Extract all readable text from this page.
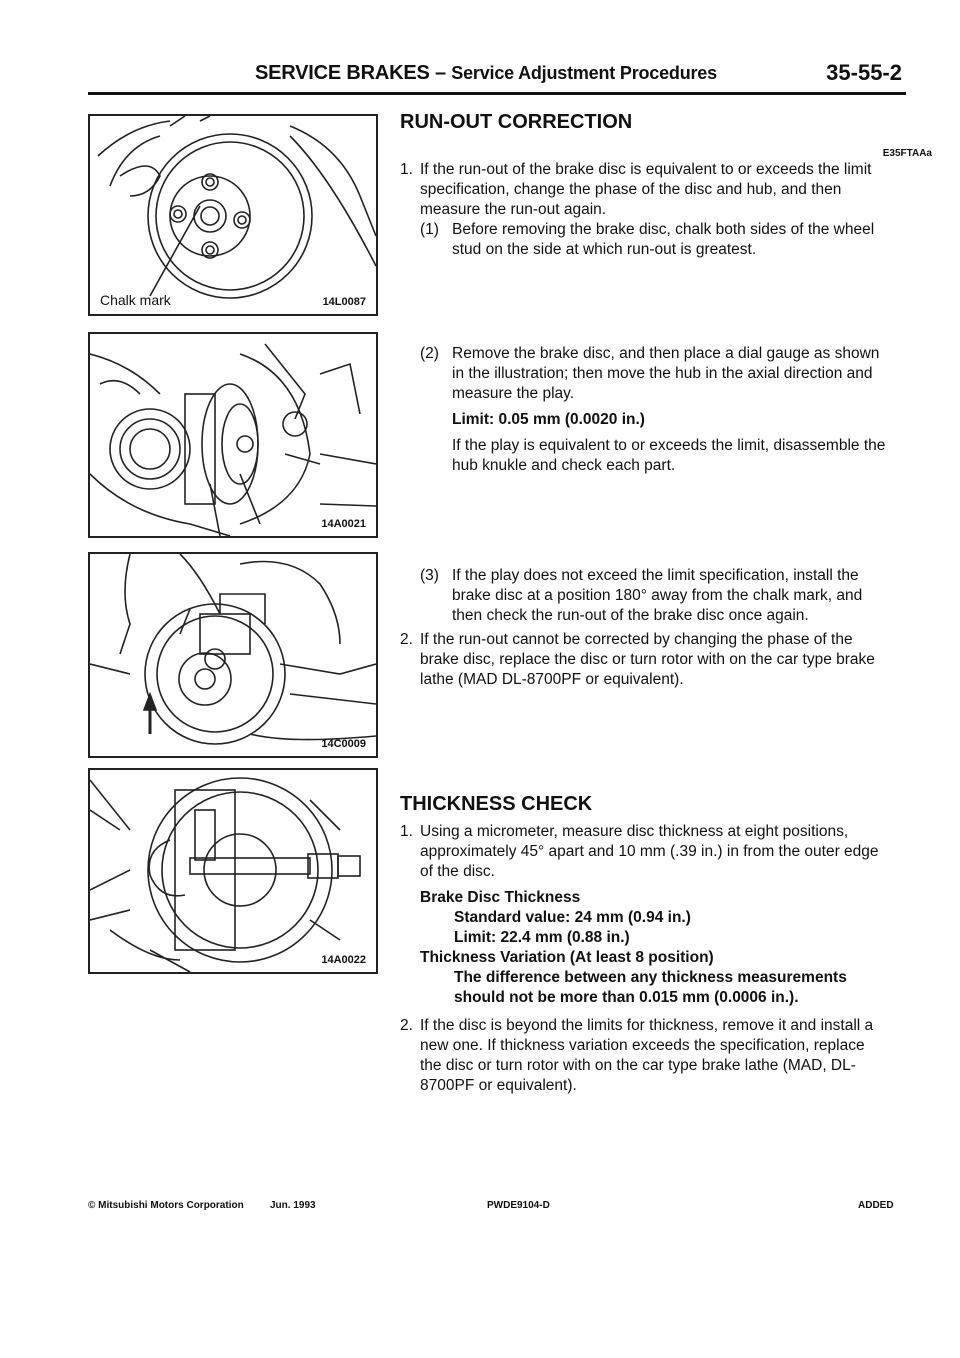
SERVICE BRAKES – Service Adjustment Procedures	35-55-2
Chalk mark	14L0087
14A0021
14C0009
14A0022
RUN-OUT CORRECTION
E35FTAAa

1. If the run-out of the brake disc is equivalent to or exceeds the limit specification, change the phase of the disc and hub, and then measure the run-out again.

(1) Before removing the brake disc, chalk both sides of the wheel stud on the side at which run-out is greatest.

(2) Remove the brake disc, and then place a dial gauge as shown in the illustration; then move the hub in the axial direction and measure the play.

Limit: 0.05 mm (0.0020 in.)

If the play is equivalent to or exceeds the limit, disassemble the hub knukle and check each part.

(3) If the play does not exceed the limit specification, install the brake disc at a position 180° away from the chalk mark, and then check the run-out of the brake disc once again.

2. If the run-out cannot be corrected by changing the phase of the brake disc, replace the disc or turn rotor with on the car type brake lathe (MAD DL-8700PF or equivalent).

THICKNESS CHECK

1. Using a micrometer, measure disc thickness at eight positions, approximately 45° apart and 10 mm (.39 in.) in from the outer edge of the disc.

Brake Disc Thickness

Standard value: 24 mm (0.94 in.)

Limit: 22.4 mm (0.88 in.)

Thickness Variation (At least 8 position)

The difference between any thickness measurements should not be more than 0.015 mm (0.0006 in.).

2. If the disc is beyond the limits for thickness, remove it and install a new one. If thickness variation exceeds the specification, replace the disc or turn rotor with on the car type brake lathe (MAD, DL-8700PF or equivalent).

© Mitsubishi Motors Corporation	Jun. 1993	PWDE9104-D	ADDED
